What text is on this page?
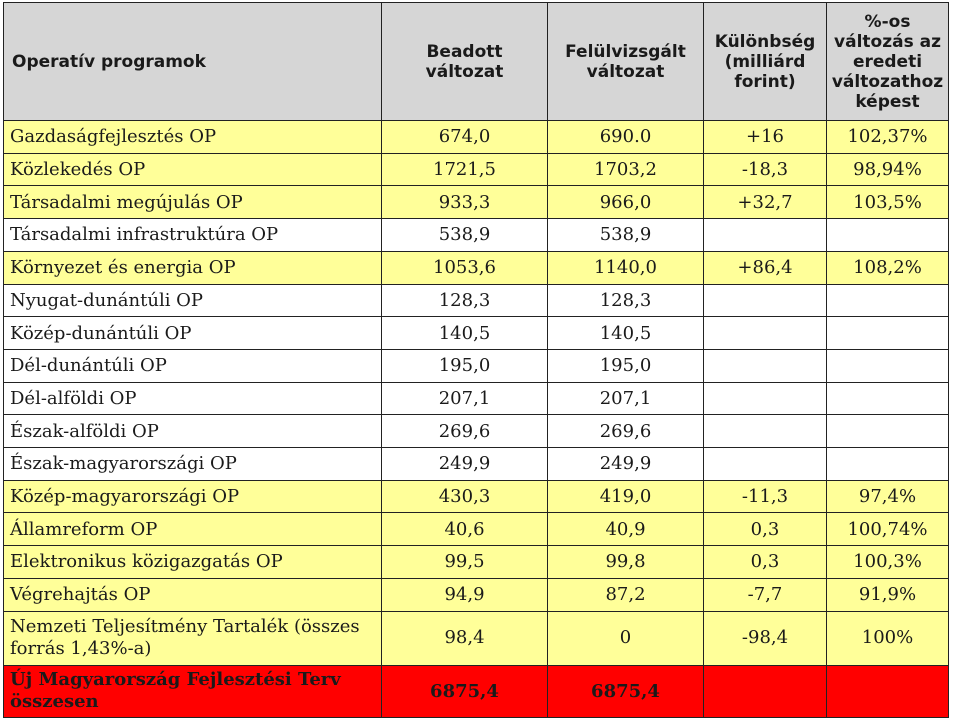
Operatív programok	Beadott változat	Felülvizsgált változat	Különbség (milliárd forint)	%-os változás az eredeti változathoz képest
Gazdaságfejlesztés OP	674,0	690.0	+16	102,37%
Közlekedés OP	1721,5	1703,2	-18,3	98,94%
Társadalmi megújulás OP	933,3	966,0	+32,7	103,5%
Társadalmi infrastruktúra OP	538,9	538,9		
Környezet és energia OP	1053,6	1140,0	+86,4	108,2%
Nyugat-dunántúli OP	128,3	128,3		
Közép-dunántúli OP	140,5	140,5		
Dél-dunántúli OP	195,0	195,0		
Dél-alföldi OP	207,1	207,1		
Észak-alföldi OP	269,6	269,6		
Észak-magyarországi OP	249,9	249,9		
Közép-magyarországi OP	430,3	419,0	-11,3	97,4%
Államreform OP	40,6	40,9	0,3	100,74%
Elektronikus közigazgatás OP	99,5	99,8	0,3	100,3%
Végrehajtás OP	94,9	87,2	-7,7	91,9%
Nemzeti Teljesítmény Tartalék (összes forrás 1,43%-a)	98,4	0	-98,4	100%
Új Magyarország Fejlesztési Terv összesen	6875,4	6875,4		
